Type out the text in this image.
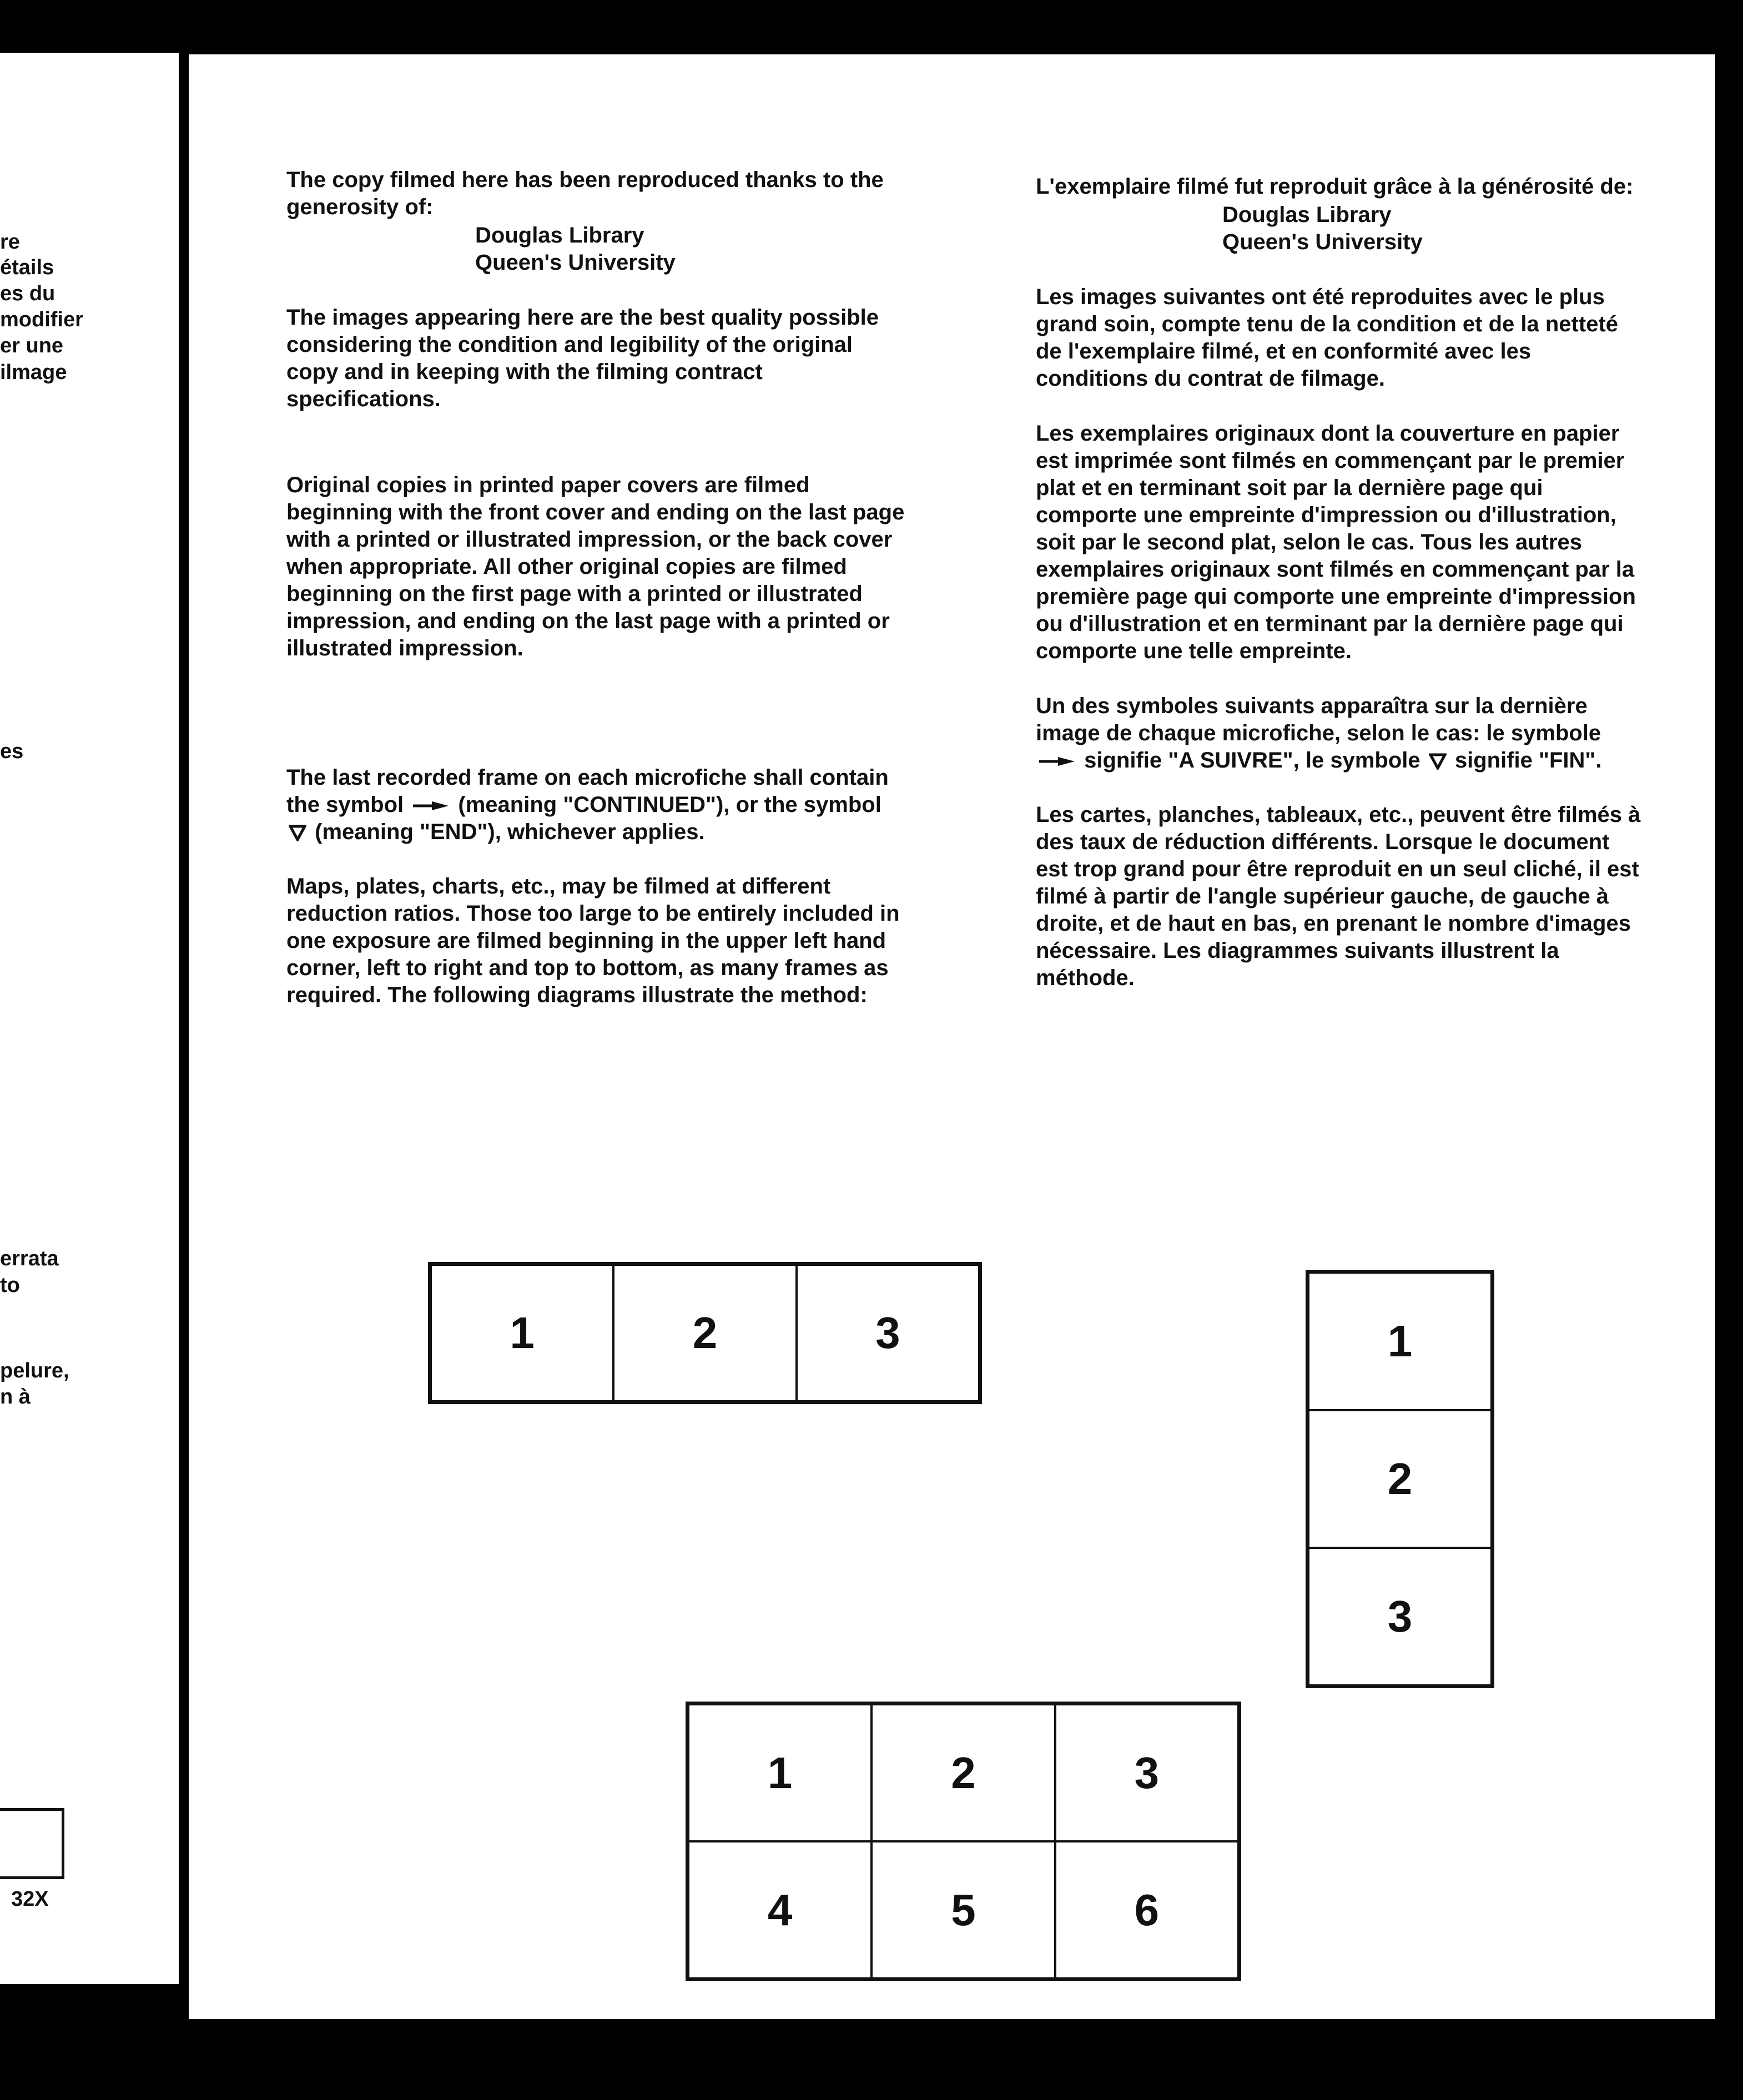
re
étails
es du
modifier
er une
ilmage
es
errata
to
pelure,
n à
32X

The copy filmed here has been reproduced thanks to the generosity of:

Douglas Library
Queen's University

The images appearing here are the best quality possible considering the condition and legibility of the original copy and in keeping with the filming contract specifications.

Original copies in printed paper covers are filmed beginning with the front cover and ending on the last page with a printed or illustrated impression, or the back cover when appropriate. All other original copies are filmed beginning on the first page with a printed or illustrated impression, and ending on the last page with a printed or illustrated impression.

The last recorded frame on each microfiche shall contain the symbol (meaning "CONTINUED"), or the symbol  (meaning "END"), whichever applies.

Maps, plates, charts, etc., may be filmed at different reduction ratios. Those too large to be entirely included in one exposure are filmed beginning in the upper left hand corner, left to right and top to bottom, as many frames as required. The following diagrams illustrate the method:

L'exemplaire filmé fut reproduit grâce à la générosité de:

Douglas Library
Queen's University

Les images suivantes ont été reproduites avec le plus grand soin, compte tenu de la condition et de la netteté de l'exemplaire filmé, et en conformité avec les conditions du contrat de filmage.

Les exemplaires originaux dont la couverture en papier est imprimée sont filmés en commençant par le premier plat et en terminant soit par la dernière page qui comporte une empreinte d'impression ou d'illustration, soit par le second plat, selon le cas. Tous les autres exemplaires originaux sont filmés en commençant par la première page qui comporte une empreinte d'impression ou d'illustration et en terminant par la dernière page qui comporte une telle empreinte.

Un des symboles suivants apparaîtra sur la dernière image de chaque microfiche, selon le cas: le symbole  signifie "A SUIVRE", le symbole signifie "FIN".

Les cartes, planches, tableaux, etc., peuvent être filmés à des taux de réduction différents. Lorsque le document est trop grand pour être reproduit en un seul cliché, il est filmé à partir de l'angle supérieur gauche, de gauche à droite, et de haut en bas, en prenant le nombre d'images nécessaire. Les diagrammes suivants illustrent la méthode.

1	2	3	1
2
3
1	2	3
4	5	6
